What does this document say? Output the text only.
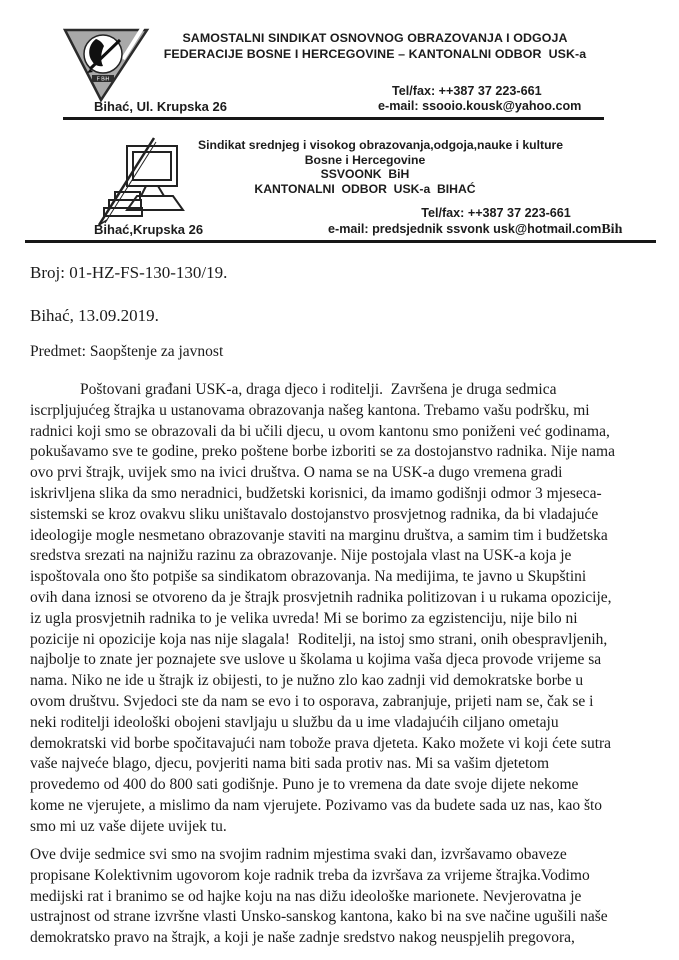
F BiH
SAMOSTALNI SINDIKAT OSNOVNOG OBRAZOVANJA I ODGOJA
FEDERACIJE BOSNE I HERCEGOVINE – KANTONALNI ODBOR  USK-a
Tel/fax: ++387 37 223-661
e-mail: ssooio.kousk@yahoo.com
Bihać, Ul. Krupska 26
Sindikat srednjeg i visokog obrazovanja,odgoja,nauke i kulture
Bosne i Hercegovine
SSVOONK  BiH
KANTONALNI  ODBOR  USK-a  BIHAĆ
Tel/fax: ++387 37 223-661
Bihać,Krupska 26	e-mail: predsjednik ssvonk usk@hotmail.comBih
Broj: 01-HZ-FS-130-130/19.
Bihać, 13.09.2019.
Predmet: Saopštenje za javnost
Poštovani građani USK-a, draga djeco i roditelji.  Završena je druga sedmica
iscrpljujućeg štrajka u ustanovama obrazovanja našeg kantona. Trebamo vašu podršku, mi
radnici koji smo se obrazovali da bi učili djecu, u ovom kantonu smo poniženi već godinama,
pokušavamo sve te godine, preko poštene borbe izboriti se za dostojanstvo radnika. Nije nama
ovo prvi štrajk, uvijek smo na ivici društva. O nama se na USK-a dugo vremena gradi
iskrivljena slika da smo neradnici, budžetski korisnici, da imamo godišnji odmor 3 mjeseca-
sistemski se kroz ovakvu sliku uništavalo dostojanstvo prosvjetnog radnika, da bi vladajuće
ideologije mogle nesmetano obrazovanje staviti na marginu društva, a samim tim i budžetska
sredstva srezati na najnižu razinu za obrazovanje. Nije postojala vlast na USK-a koja je
ispoštovala ono što potpiše sa sindikatom obrazovanja. Na medijima, te javno u Skupštini
ovih dana iznosi se otvoreno da je štrajk prosvjetnih radnika politizovan i u rukama opozicije,
iz ugla prosvjetnih radnika to je velika uvreda! Mi se borimo za egzistenciju, nije bilo ni
pozicije ni opozicije koja nas nije slagala!  Roditelji, na istoj smo strani, onih obespravljenih,
najbolje to znate jer poznajete sve uslove u školama u kojima vaša djeca provode vrijeme sa
nama. Niko ne ide u štrajk iz obijesti, to je nužno zlo kao zadnji vid demokratske borbe u
ovom društvu. Svjedoci ste da nam se evo i to osporava, zabranjuje, prijeti nam se, čak se i
neki roditelji ideološki obojeni stavljaju u službu da u ime vladajućih ciljano ometaju
demokratski vid borbe spočitavajući nam tobože prava djeteta. Kako možete vi koji ćete sutra
vaše najveće blago, djecu, povjeriti nama biti sada protiv nas. Mi sa vašim djetetom
provedemo od 400 do 800 sati godišnje. Puno je to vremena da date svoje dijete nekome
kome ne vjerujete, a mislimo da nam vjerujete. Pozivamo vas da budete sada uz nas, kao što
smo mi uz vaše dijete uvijek tu.
Ove dvije sedmice svi smo na svojim radnim mjestima svaki dan, izvršavamo obaveze
propisane Kolektivnim ugovorom koje radnik treba da izvršava za vrijeme štrajka.Vodimo
medijski rat i branimo se od hajke koju na nas dižu ideološke marionete. Nevjerovatna je
ustrajnost od strane izvršne vlasti Unsko-sanskog kantona, kako bi na sve načine ugušili naše
demokratsko pravo na štrajk, a koji je naše zadnje sredstvo nakog neuspjelih pregovora,
